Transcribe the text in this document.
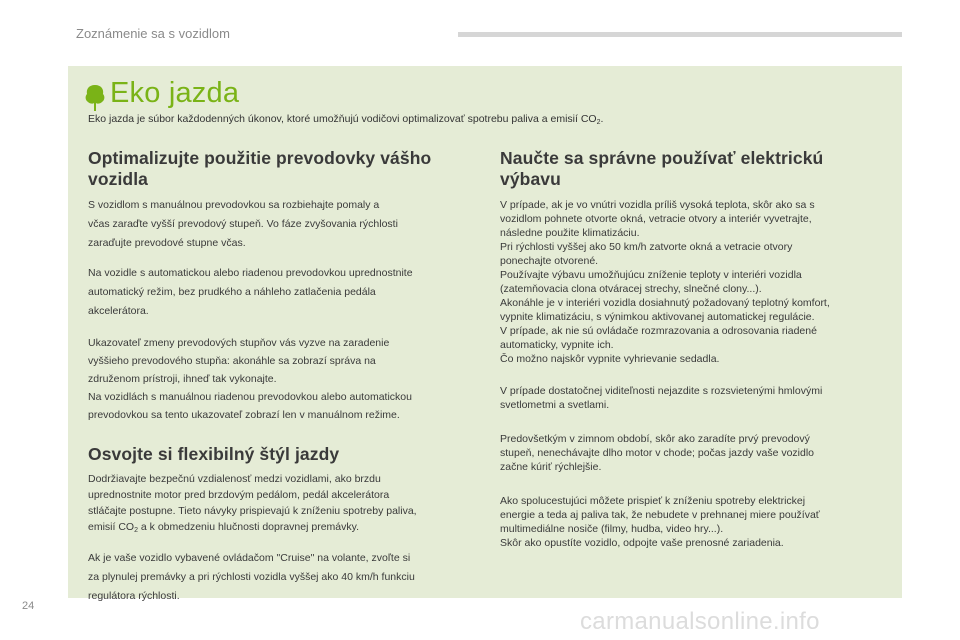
Zoznámenie sa s vozidlom
Eko jazda
Eko jazda je súbor každodenných úkonov, ktoré umožňujú vodičovi optimalizovať spotrebu paliva a emisií $CO_2$.
Optimalizujte použitie prevodovky vášho
vozidla

S vozidlom s manuálnou prevodovkou sa rozbiehajte pomaly a
včas zaraďte vyšší prevodový stupeň. Vo fáze zvyšovania rýchlosti
zaraďujte prevodové stupne včas.

Na vozidle s automatickou alebo riadenou prevodovkou uprednostnite
automatický režim, bez prudkého a náhleho zatlačenia pedála
akcelerátora.

Ukazovateľ zmeny prevodových stupňov vás vyzve na zaradenie
vyššieho prevodového stupňa: akonáhle sa zobrazí správa na
združenom prístroji, ihneď tak vykonajte.
Na vozidlách s manuálnou riadenou prevodovkou alebo automatickou
prevodovkou sa tento ukazovateľ zobrazí len v manuálnom režime.

Osvojte si flexibilný štýl jazdy

Dodržiavajte bezpečnú vzdialenosť medzi vozidlami, ako brzdu
uprednostnite motor pred brzdovým pedálom, pedál akcelerátora
stláčajte postupne. Tieto návyky prispievajú k zníženiu spotreby paliva,
emisií $CO_2$ a k obmedzeniu hlučnosti dopravnej premávky.

Ak je vaše vozidlo vybavené ovládačom "Cruise" na volante, zvoľte si
za plynulej premávky a pri rýchlosti vozidla vyššej ako 40 km/h funkciu
regulátora rýchlosti.

Naučte sa správne používať elektrickú
výbavu

V prípade, ak je vo vnútri vozidla príliš vysoká teplota, skôr ako sa s
vozidlom pohnete otvorte okná, vetracie otvory a interiér vyvetrajte,
následne použite klimatizáciu.
Pri rýchlosti vyššej ako 50 km/h zatvorte okná a vetracie otvory
ponechajte otvorené.
Používajte výbavu umožňujúcu zníženie teploty v interiéri vozidla
(zatemňovacia clona otváracej strechy, slnečné clony...).
Akonáhle je v interiéri vozidla dosiahnutý požadovaný teplotný komfort,
vypnite klimatizáciu, s výnimkou aktivovanej automatickej regulácie.
V prípade, ak nie sú ovládače rozmrazovania a odrosovania riadené
automaticky, vypnite ich.
Čo možno najskôr vypnite vyhrievanie sedadla.

V prípade dostatočnej viditeľnosti nejazdite s rozsvietenými hmlovými
svetlometmi a svetlami.

Predovšetkým v zimnom období, skôr ako zaradíte prvý prevodový
stupeň, nenechávajte dlho motor v chode; počas jazdy vaše vozidlo
začne kúriť rýchlejšie.

Ako spolucestujúci môžete prispieť k zníženiu spotreby elektrickej
energie a teda aj paliva tak, že nebudete v prehnanej miere používať
multimediálne nosiče (filmy, hudba, video hry...).
Skôr ako opustíte vozidlo, odpojte vaše prenosné zariadenia.

24
carmanualsonline.info
